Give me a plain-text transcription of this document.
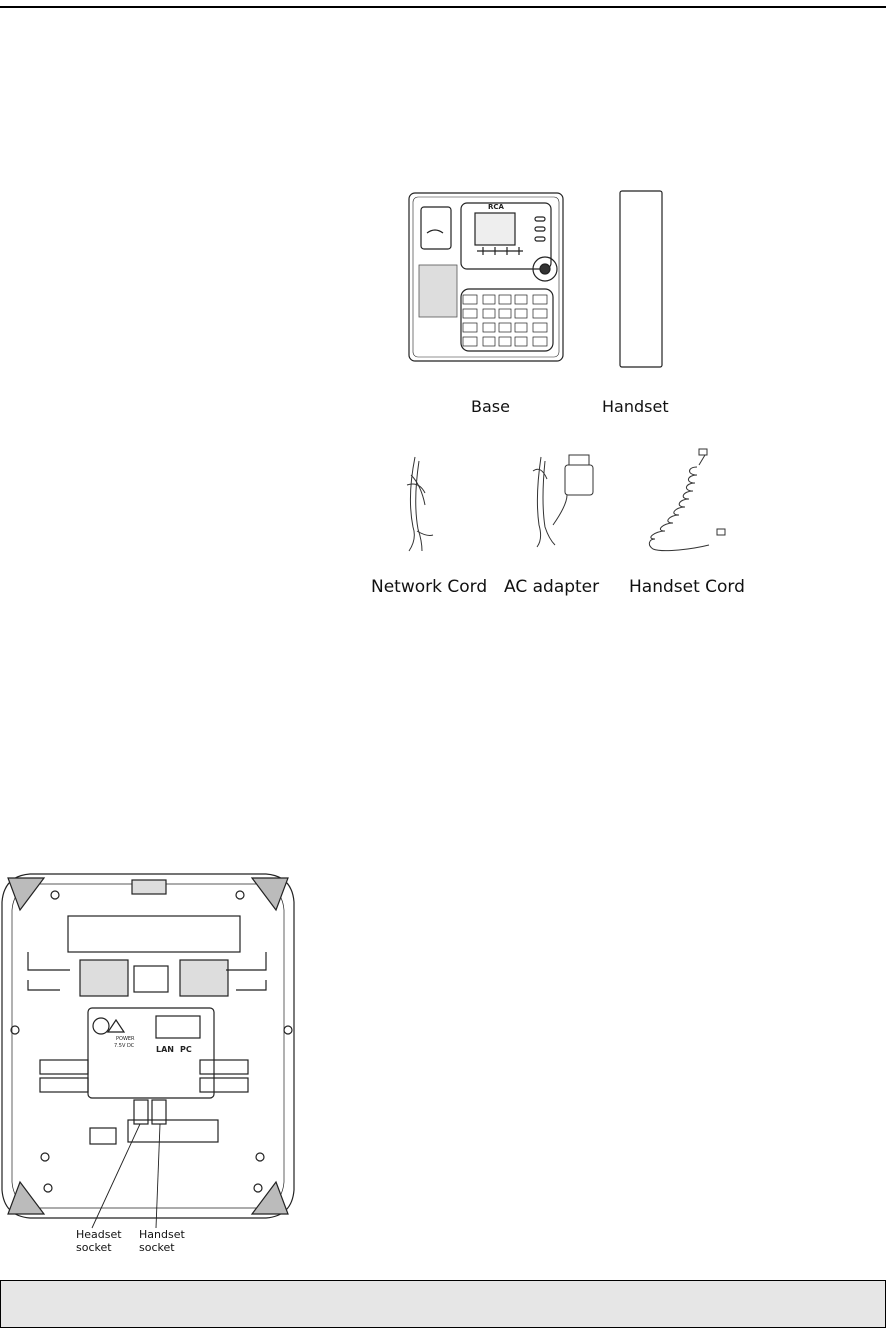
RCA
Base	Handset
Network Cord AC adapter Handset Cord
LAN PC
POWER
7.5V DC
Headset
socket
Handset
socket
